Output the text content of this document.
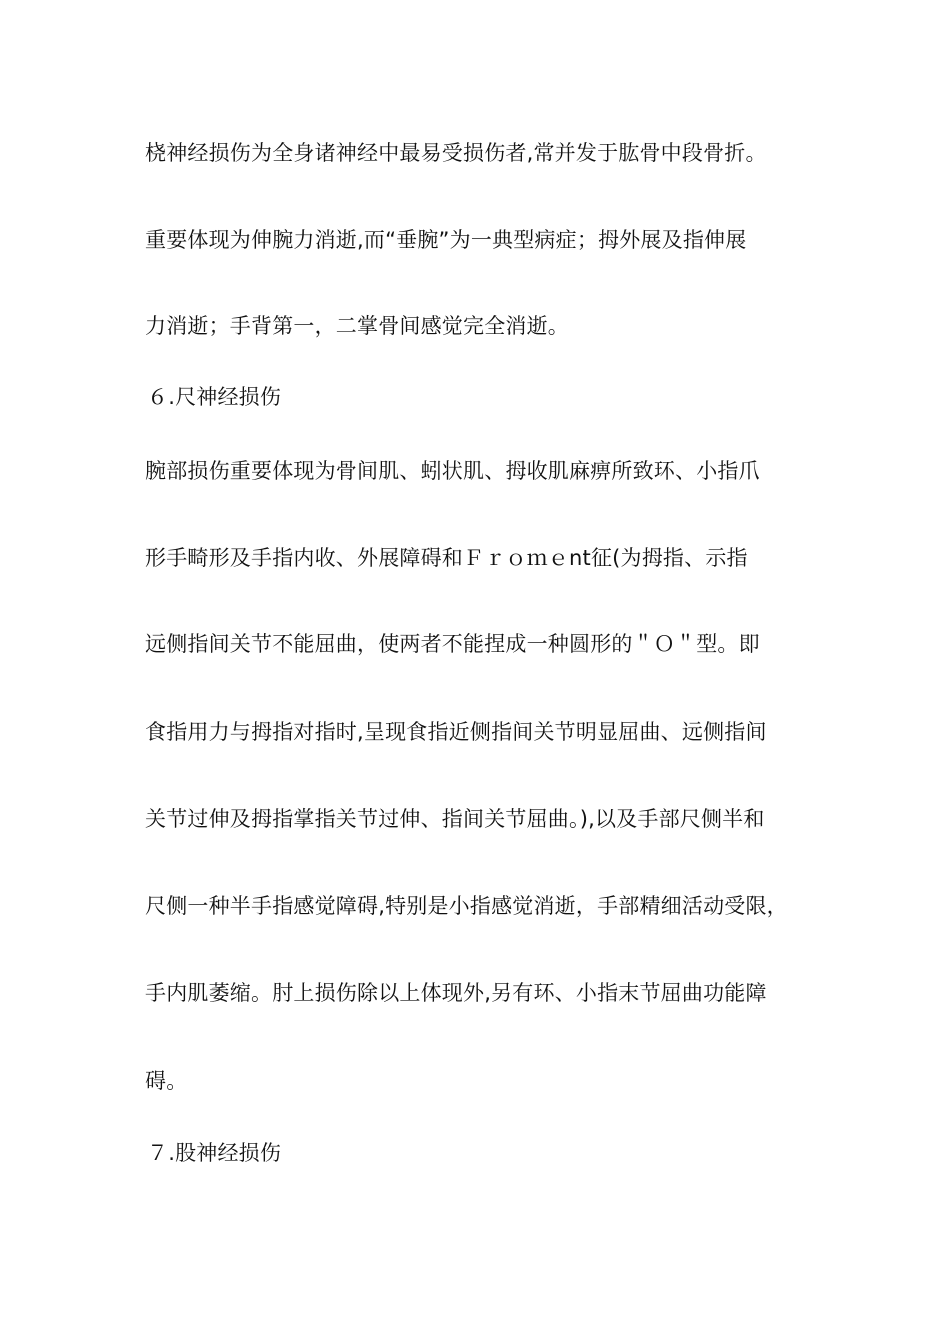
桡神经损伤为全身诸神经中最易受损伤者,常并发于肱骨中段骨折。
重要体现为伸腕力消逝,而“垂腕”为一典型病症；拇外展及指伸展
力消逝；手背第一，二掌骨间感觉完全消逝。
６.尺神经损伤
腕部损伤重要体现为骨间肌、蚓状肌、拇收肌麻痹所致环、小指爪
形手畸形及手指内收、外展障碍和Ｆｒｏｍｅnt征(为拇指、示指
远侧指间关节不能屈曲，使两者不能捏成一种圆形的＂Ｏ＂型。即
食指用力与拇指对指时,呈现食指近侧指间关节明显屈曲、远侧指间
关节过伸及拇指掌指关节过伸、指间关节屈曲。),以及手部尺侧半和
尺侧一种半手指感觉障碍,特别是小指感觉消逝，手部精细活动受限，
手内肌萎缩。肘上损伤除以上体现外,另有环、小指末节屈曲功能障
碍。
７.股神经损伤
